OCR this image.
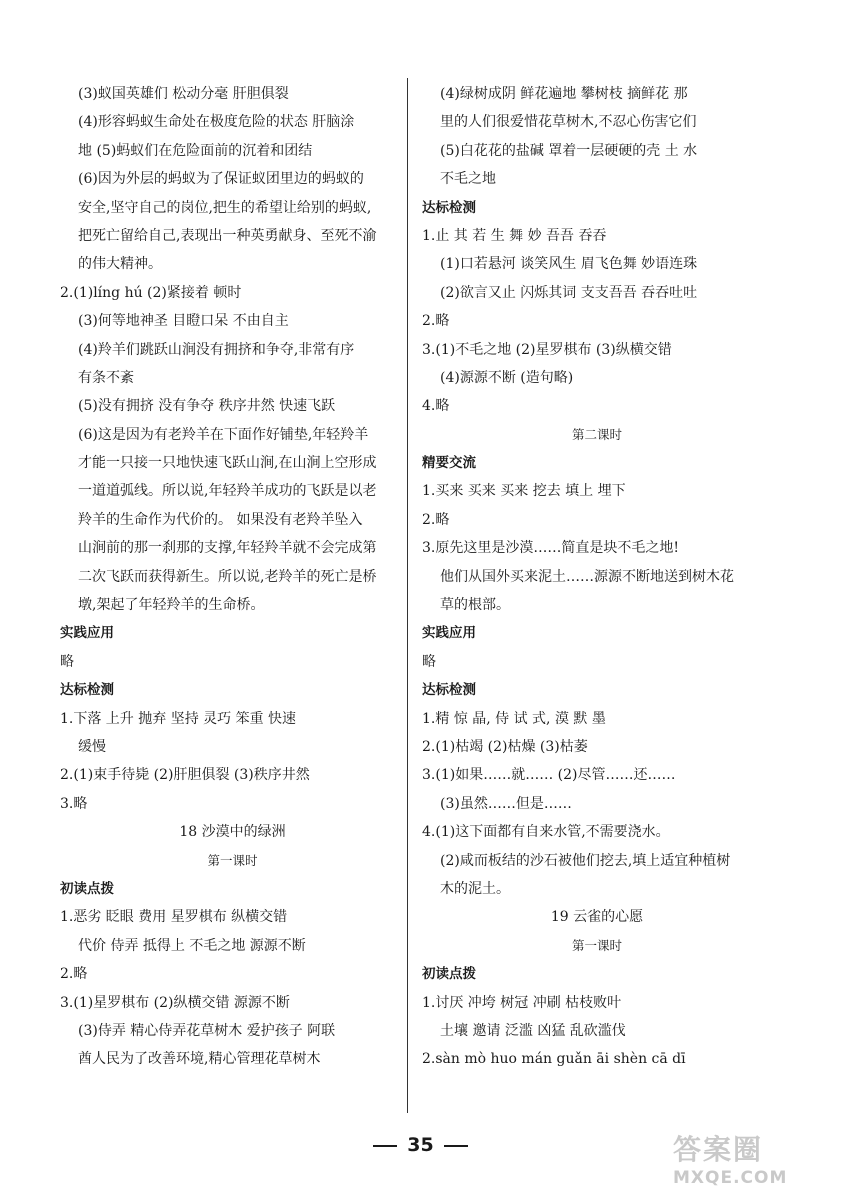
(3)蚁国英雄们 松动分毫 肝胆俱裂
(4)形容蚂蚁生命处在极度危险的状态 肝脑涂
地 (5)蚂蚁们在危险面前的沉着和团结
(6)因为外层的蚂蚁为了保证蚁团里边的蚂蚁的
安全,坚守自己的岗位,把生的希望让给别的蚂蚁,
把死亡留给自己,表现出一种英勇献身、至死不渝
的伟大精神。
2.(1)líng hú (2)紧接着 顿时
(3)何等地神圣 目瞪口呆 不由自主
(4)羚羊们跳跃山涧没有拥挤和争夺,非常有序
有条不紊
(5)没有拥挤 没有争夺 秩序井然 快速飞跃
(6)这是因为有老羚羊在下面作好铺垫,年轻羚羊
才能一只接一只地快速飞跃山涧,在山涧上空形成
一道道弧线。所以说,年轻羚羊成功的飞跃是以老
羚羊的生命作为代价的。 如果没有老羚羊坠入
山涧前的那一刹那的支撑,年轻羚羊就不会完成第
二次飞跃而获得新生。所以说,老羚羊的死亡是桥
墩,架起了年轻羚羊的生命桥。
实践应用
略
达标检测
1.下落 上升 抛弃 坚持 灵巧 笨重 快速
缓慢
2.(1)束手待毙 (2)肝胆俱裂 (3)秩序井然
3.略
18 沙漠中的绿洲
第一课时
初读点拨
1.恶劣 眨眼 费用 星罗棋布 纵横交错
代价 侍弄 抵得上 不毛之地 源源不断
2.略
3.(1)星罗棋布 (2)纵横交错 源源不断
(3)侍弄 精心侍弄花草树木 爱护孩子 阿联
酋人民为了改善环境,精心管理花草树木
(4)绿树成阴 鲜花遍地 攀树枝 摘鲜花 那
里的人们很爱惜花草树木,不忍心伤害它们
(5)白花花的盐碱 罩着一层硬硬的壳 土 水
不毛之地
达标检测
1.止 其 若 生 舞 妙 吾吾 吞吞
(1)口若悬河 谈笑风生 眉飞色舞 妙语连珠
(2)欲言又止 闪烁其词 支支吾吾 吞吞吐吐
2.略
3.(1)不毛之地 (2)星罗棋布 (3)纵横交错
(4)源源不断 (造句略)
4.略
第二课时
精要交流
1.买来 买来 买来 挖去 填上 埋下
2.略
3.原先这里是沙漠……简直是块不毛之地!
他们从国外买来泥土……源源不断地送到树木花
草的根部。
实践应用
略
达标检测
1.精 惊 晶, 侍 试 式, 漠 默 墨
2.(1)枯竭 (2)枯燥 (3)枯萎
3.(1)如果……就…… (2)尽管……还……
(3)虽然……但是……
4.(1)这下面都有自来水管,不需要浇水。
(2)咸而板结的沙石被他们挖去,填上适宜种植树
木的泥土。
19 云雀的心愿
第一课时
初读点拨
1.讨厌 冲垮 树冠 冲刷 枯枝败叶
土壤 邀请 泛滥 凶猛 乱砍滥伐
2.sàn mò huo mán guǎn āi shèn cā dī
35	答案圈
MXQE.COM
